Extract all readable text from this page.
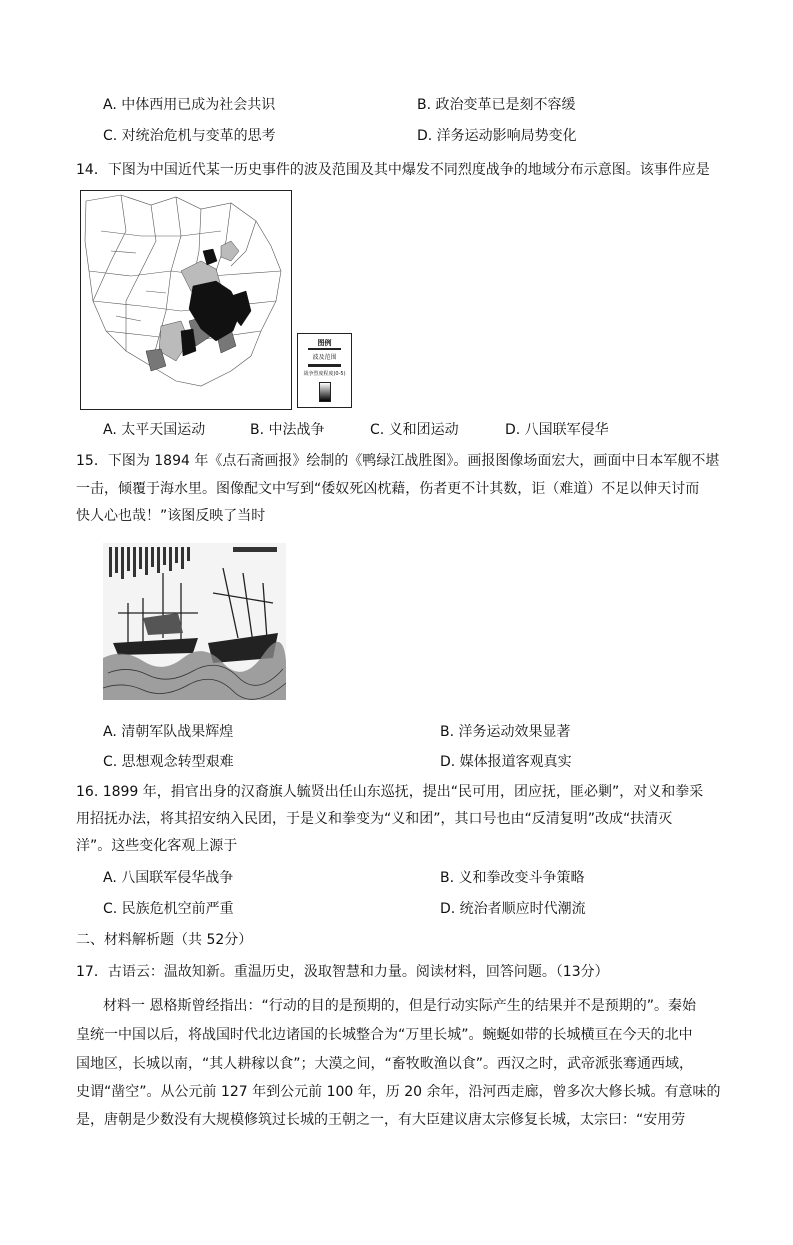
A. 中体西用已成为社会共识	B. 政治变革已是刻不容缓
C. 对统治危机与变革的思考	D. 洋务运动影响局势变化
14．下图为中国近代某一历史事件的波及范围及其中爆发不同烈度战争的地域分布示意图。该事件应是
图例
波及范围
战争烈度程度(0-5)
A. 太平天国运动	B. 中法战争	C. 义和团运动	D. 八国联军侵华
15．下图为 1894 年《点石斋画报》绘制的《鸭绿江战胜图》。画报图像场面宏大，画面中日本军舰不堪
一击，倾覆于海水里。图像配文中写到“倭奴死凶枕藉，伤者更不计其数，讵（难道）不足以伸天讨而
快人心也哉！”该图反映了当时
A. 清朝军队战果辉煌	B. 洋务运动效果显著
C. 思想观念转型艰难	D. 媒体报道客观真实
16. 1899 年，捐官出身的汉裔旗人毓贤出任山东巡抚，提出“民可用，团应抚，匪必剿”，对义和拳采
用招抚办法，将其招安纳入民团，于是义和拳变为“义和团”，其口号也由“反清复明”改成“扶清灭
洋”。这些变化客观上源于
A. 八国联军侵华战争	B. 义和拳改变斗争策略
C. 民族危机空前严重	D. 统治者顺应时代潮流
二、材料解析题（共 52分）
17．古语云：温故知新。重温历史，汲取智慧和力量。阅读材料，回答问题。（13分）
材料一 恩格斯曾经指出：“行动的目的是预期的，但是行动实际产生的结果并不是预期的”。秦始
皇统一中国以后，将战国时代北边诸国的长城整合为“万里长城”。蜿蜒如带的长城横亘在今天的北中
国地区，长城以南，“其人耕稼以食”；大漠之间，“畜牧畋渔以食”。西汉之时，武帝派张骞通西域，
史谓“凿空”。从公元前 127 年到公元前 100 年，历 20 余年，沿河西走廊，曾多次大修长城。有意味的
是，唐朝是少数没有大规模修筑过长城的王朝之一，有大臣建议唐太宗修复长城，太宗曰：“安用劳
